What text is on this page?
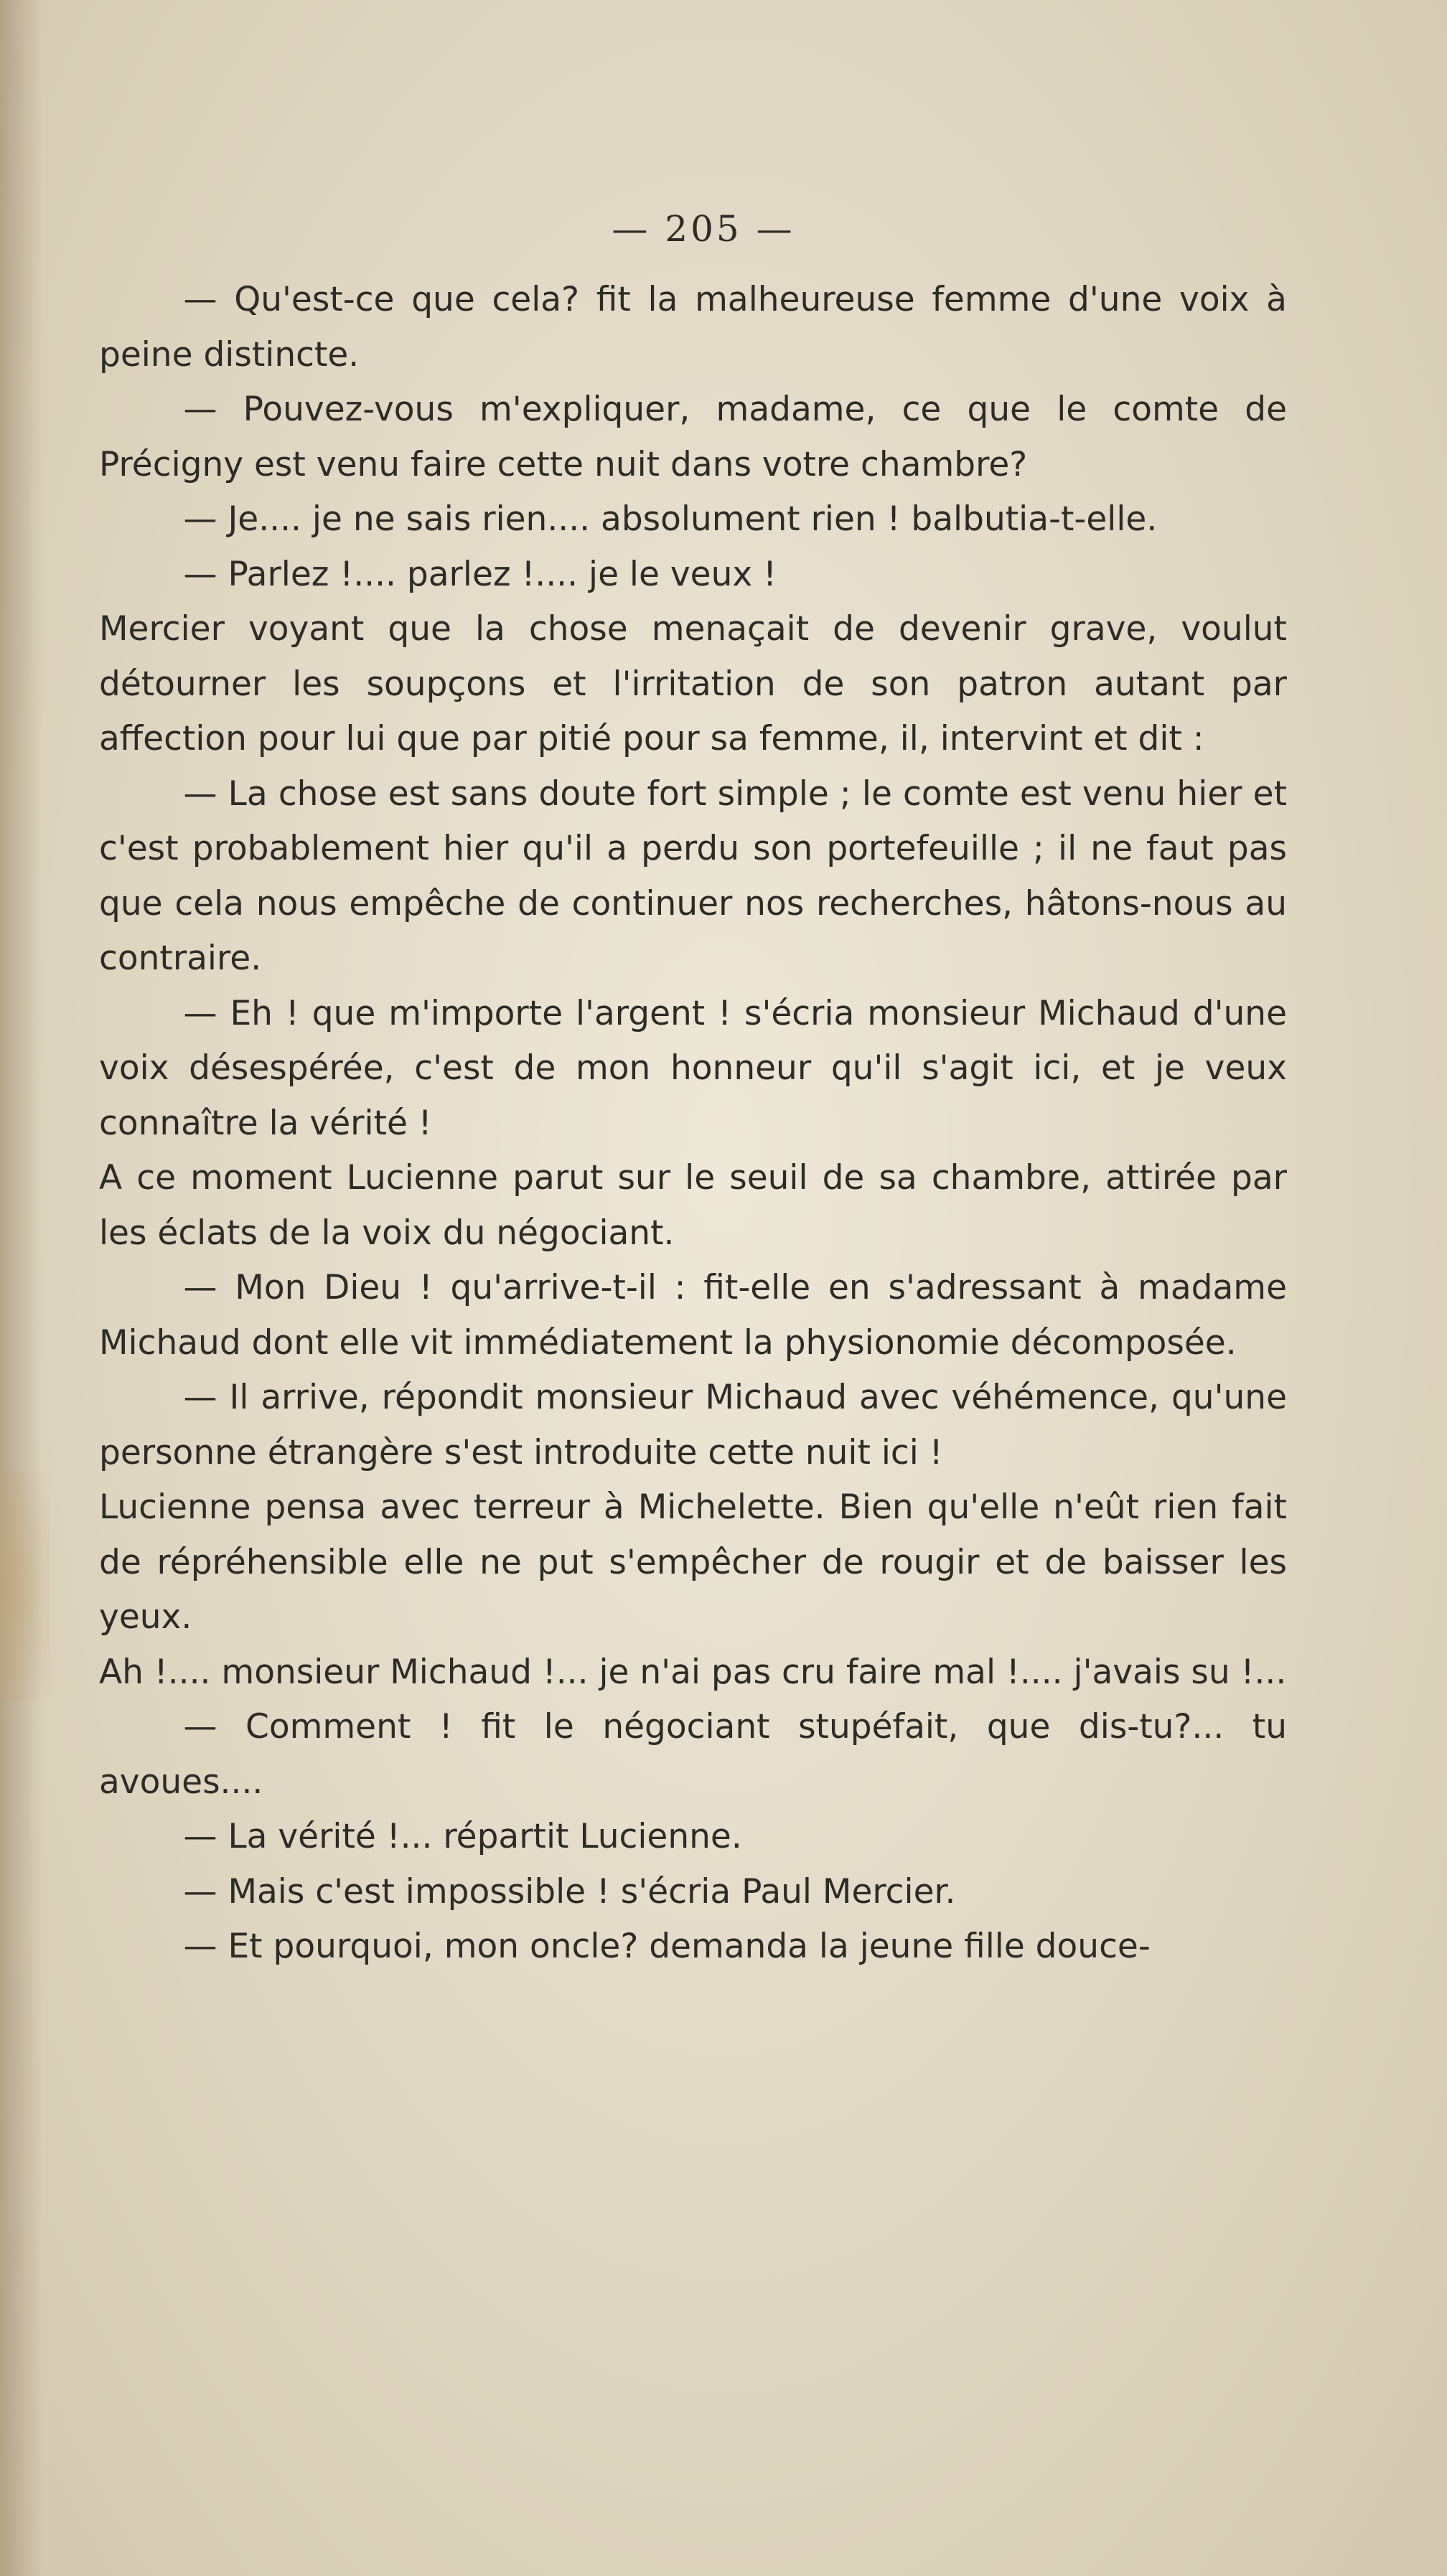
— 205 —

— Qu'est-ce que cela? fit la malheureuse femme d'une voix à peine distincte.

— Pouvez-vous m'expliquer, madame, ce que le comte de Précigny est venu faire cette nuit dans votre chambre?

— Je.... je ne sais rien.... absolument rien ! balbutia-t-elle.

— Parlez !.... parlez !.... je le veux !

Mercier voyant que la chose menaçait de devenir grave, voulut détourner les soupçons et l'irritation de son patron autant par affection pour lui que par pitié pour sa femme, il, intervint et dit :

— La chose est sans doute fort simple ; le comte est venu hier et c'est probablement hier qu'il a perdu son portefeuille ; il ne faut pas que cela nous empêche de continuer nos recherches, hâtons-nous au contraire.

— Eh ! que m'importe l'argent ! s'écria monsieur Michaud d'une voix désespérée, c'est de mon honneur qu'il s'agit ici, et je veux connaître la vérité !

A ce moment Lucienne parut sur le seuil de sa chambre, attirée par les éclats de la voix du négociant.

— Mon Dieu ! qu'arrive-t-il : fit-elle en s'adressant à madame Michaud dont elle vit immédiatement la physionomie décomposée.

— Il arrive, répondit monsieur Michaud avec véhémence, qu'une personne étrangère s'est introduite cette nuit ici !

Lucienne pensa avec terreur à Michelette. Bien qu'elle n'eût rien fait de répréhensible elle ne put s'empêcher de rougir et de baisser les yeux.

Ah !.... monsieur Michaud !... je n'ai pas cru faire mal !.... j'avais su !...

— Comment ! fit le négociant stupéfait, que dis-tu?... tu avoues....

— La vérité !... répartit Lucienne.

— Mais c'est impossible ! s'écria Paul Mercier.

— Et pourquoi, mon oncle? demanda la jeune fille douce-
